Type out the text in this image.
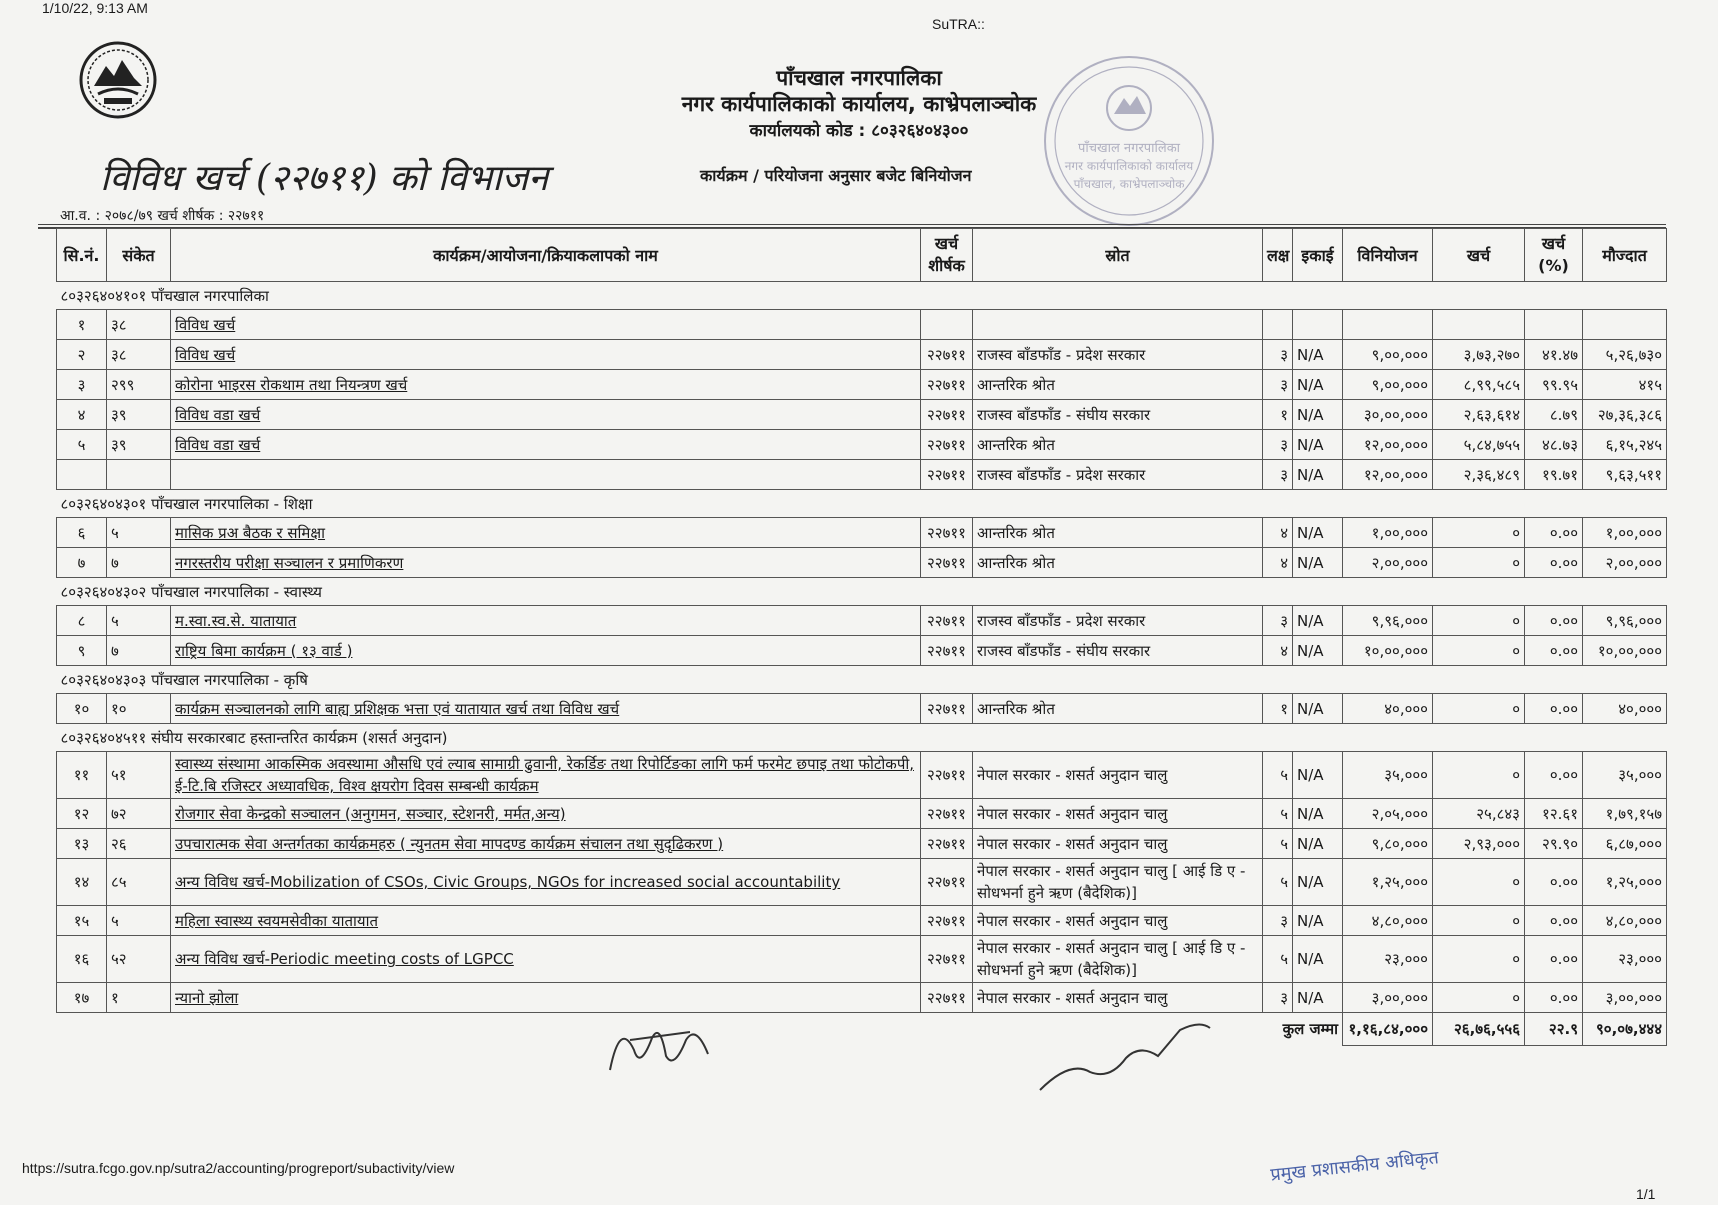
1/10/22, 9:13 AM
SuTRA::
पाँचखाल नगरपालिका
नगर कार्यपालिकाको कार्यालय, काभ्रेपलाञ्चोक
कार्यालयको कोड : ८०३२६४०४३००
कार्यक्रम / परियोजना अनुसार बजेट बिनियोजन
विविध खर्च (२२७११) को विभाजन
पाँचखाल नगरपालिका
नगर कार्यपालिकाको कार्यालय
पाँचखाल, काभ्रेपलाञ्चोक
आ.व. : २०७८/७९ खर्च शीर्षक : २२७११
सि.नं.	संकेत	कार्यक्रम/आयोजना/क्रियाकलापको नाम	खर्च शीर्षक	स्रोत	लक्ष	इकाई	विनियोजन	खर्च	खर्च (%)	मौज्दात
८०३२६४०४१०१ पाँचखाल नगरपालिका										
१	३८	विविध खर्च								
२	३८	विविध खर्च	२२७११	राजस्व बाँडफाँड - प्रदेश सरकार	३	N/A	९,००,०००	३,७३,२७०	४१.४७	५,२६,७३०
३	२९९	कोरोना भाइरस रोकथाम तथा नियन्त्रण खर्च	२२७११	आन्तरिक श्रोत	३	N/A	९,००,०००	८,९९,५८५	९९.९५	४१५
४	३९	विविध वडा खर्च	२२७११	राजस्व बाँडफाँड - संघीय सरकार	१	N/A	३०,००,०००	२,६३,६१४	८.७९	२७,३६,३८६
५	३९	विविध वडा खर्च	२२७११	आन्तरिक श्रोत	३	N/A	१२,००,०००	५,८४,७५५	४८.७३	६,१५,२४५
			२२७११	राजस्व बाँडफाँड - प्रदेश सरकार	३	N/A	१२,००,०००	२,३६,४८९	१९.७१	९,६३,५११
८०३२६४०४३०१ पाँचखाल नगरपालिका - शिक्षा										
६	५	मासिक प्रअ बैठक र समिक्षा	२२७११	आन्तरिक श्रोत	४	N/A	१,००,०००	०	०.००	१,००,०००
७	७	नगरस्तरीय परीक्षा सञ्चालन र प्रमाणिकरण	२२७११	आन्तरिक श्रोत	४	N/A	२,००,०००	०	०.००	२,००,०००
८०३२६४०४३०२ पाँचखाल नगरपालिका - स्वास्थ्य										
८	५	म.स्वा.स्व.से. यातायात	२२७११	राजस्व बाँडफाँड - प्रदेश सरकार	३	N/A	९,९६,०००	०	०.००	९,९६,०००
९	७	राष्ट्रिय बिमा कार्यक्रम ( १३ वार्ड )	२२७११	राजस्व बाँडफाँड - संघीय सरकार	४	N/A	१०,००,०००	०	०.००	१०,००,०००
८०३२६४०४३०३ पाँचखाल नगरपालिका - कृषि										
१०	१०	कार्यक्रम सञ्चालनको लागि बाह्य प्रशिक्षक भत्ता एवं यातायात खर्च तथा विविध खर्च	२२७११	आन्तरिक श्रोत	१	N/A	४०,०००	०	०.००	४०,०००
८०३२६४०४५११ संघीय सरकारबाट हस्तान्तरित कार्यक्रम (शसर्त अनुदान)										
११	५१	स्वास्थ्य संस्थामा आकस्मिक अवस्थामा औसधि एवं ल्याब सामाग्री ढुवानी, रेकर्डिङ तथा रिपोर्टिङका लागि फर्म फरमेट छपाइ तथा फोटोकपी, ई-टि.बि रजिस्टर अध्यावधिक, विश्व क्षयरोग दिवस सम्बन्धी कार्यक्रम	२२७११	नेपाल सरकार - शसर्त अनुदान चालु	५	N/A	३५,०००	०	०.००	३५,०००
१२	७२	रोजगार सेवा केन्द्रको सञ्चालन (अनुगमन, सञ्चार, स्टेशनरी, मर्मत,अन्य)	२२७११	नेपाल सरकार - शसर्त अनुदान चालु	५	N/A	२,०५,०००	२५,८४३	१२.६१	१,७९,१५७
१३	२६	उपचारात्मक सेवा अन्तर्गतका कार्यक्रमहरु ( न्युनतम सेवा मापदण्ड कार्यक्रम संचालन तथा सुदृढिकरण )	२२७११	नेपाल सरकार - शसर्त अनुदान चालु	५	N/A	९,८०,०००	२,९३,०००	२९.९०	६,८७,०००
१४	८५	अन्य विविध खर्च-Mobilization of CSOs, Civic Groups, NGOs for increased social accountability	२२७११	नेपाल सरकार - शसर्त अनुदान चालु [ आई डि ए - सोधभर्ना हुने ऋण (बैदेशिक)]	५	N/A	१,२५,०००	०	०.००	१,२५,०००
१५	५	महिला स्वास्थ्य स्वयमसेवीका यातायात	२२७११	नेपाल सरकार - शसर्त अनुदान चालु	३	N/A	४,८०,०००	०	०.००	४,८०,०००
१६	५२	अन्य विविध खर्च-Periodic meeting costs of LGPCC	२२७११	नेपाल सरकार - शसर्त अनुदान चालु [ आई डि ए - सोधभर्ना हुने ऋण (बैदेशिक)]	५	N/A	२३,०००	०	०.००	२३,०००
१७	१	न्यानो झोला	२२७११	नेपाल सरकार - शसर्त अनुदान चालु	३	N/A	३,००,०००	०	०.००	३,००,०००
कुल जम्मा							१,१६,८४,०००	२६,७६,५५६	२२.९	९०,०७,४४४
प्रमुख प्रशासकीय अधिकृत
https://sutra.fcgo.gov.np/sutra2/accounting/progreport/subactivity/view
1/1
